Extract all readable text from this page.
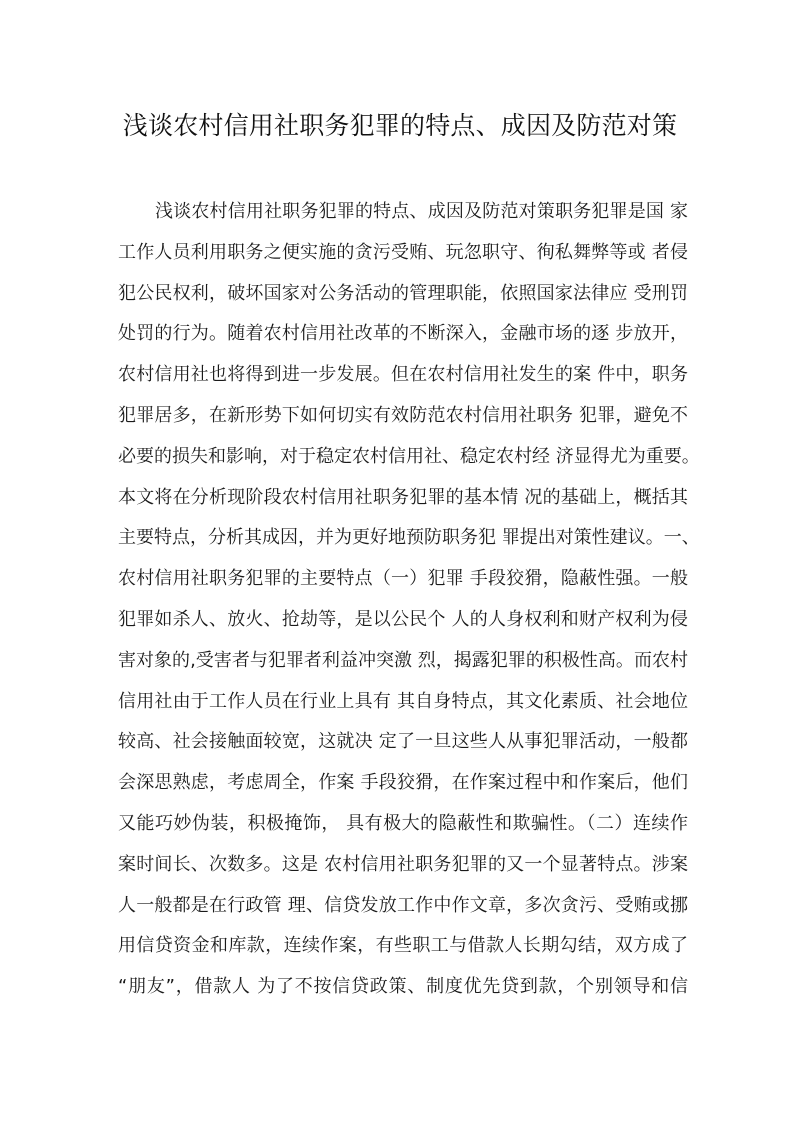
浅谈农村信用社职务犯罪的特点、成因及防范对策
浅谈农村信用社职务犯罪的特点、成因及防范对策职务犯罪是国 家
工作人员利用职务之便实施的贪污受贿、玩忽职守、徇私舞弊等或 者侵
犯公民权利，破坏国家对公务活动的管理职能，依照国家法律应 受刑罚
处罚的行为。随着农村信用社改革的不断深入，金融市场的逐 步放开，
农村信用社也将得到进一步发展。但在农村信用社发生的案 件中，职务
犯罪居多，在新形势下如何切实有效防范农村信用社职务 犯罪，避免不
必要的损失和影响，对于稳定农村信用社、稳定农村经 济显得尤为重要。
本文将在分析现阶段农村信用社职务犯罪的基本情 况的基础上，概括其
主要特点，分析其成因，并为更好地预防职务犯 罪提出对策性建议。一、
农村信用社职务犯罪的主要特点（一）犯罪 手段狡猾，隐蔽性强。一般
犯罪如杀人、放火、抢劫等，是以公民个 人的人身权利和财产权利为侵
害对象的,受害者与犯罪者利益冲突激 烈，揭露犯罪的积极性高。而农村
信用社由于工作人员在行业上具有 其自身特点，其文化素质、社会地位
较高、社会接触面较宽，这就决 定了一旦这些人从事犯罪活动，一般都
会深思熟虑，考虑周全，作案 手段狡猾，在作案过程中和作案后，他们
又能巧妙伪装，积极掩饰， 具有极大的隐蔽性和欺骗性。（二）连续作
案时间长、次数多。这是 农村信用社职务犯罪的又一个显著特点。涉案
人一般都是在行政管 理、信贷发放工作中作文章，多次贪污、受贿或挪
用信贷资金和库款，连续作案，有些职工与借款人长期勾结，双方成了
“朋友”，借款人 为了不按信贷政策、制度优先贷到款，个别领导和信
